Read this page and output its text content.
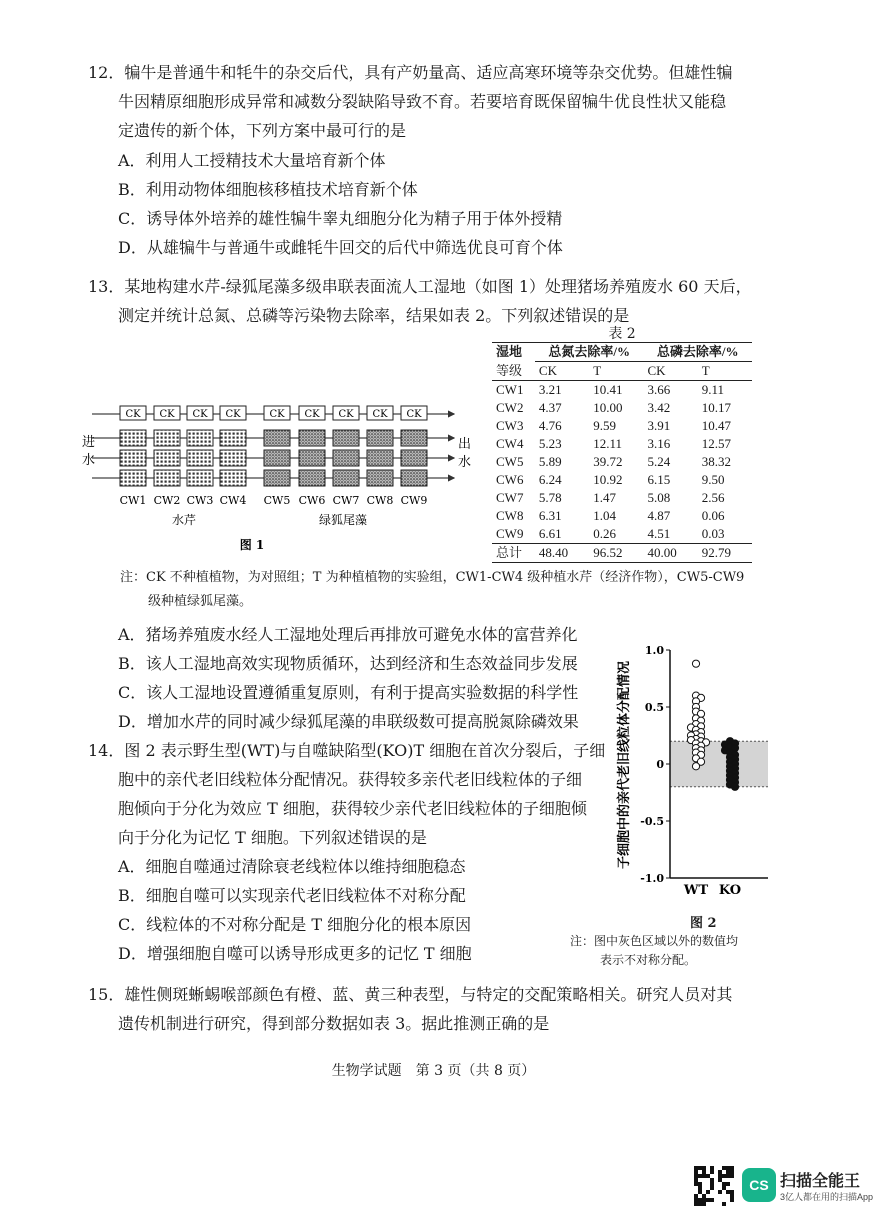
12．犏牛是普通牛和牦牛的杂交后代，具有产奶量高、适应高寒环境等杂交优势。但雄性犏
牛因精原细胞形成异常和减数分裂缺陷导致不育。若要培育既保留犏牛优良性状又能稳
定遗传的新个体，下列方案中最可行的是
A．利用人工授精技术大量培育新个体
B．利用动物体细胞核移植技术培育新个体
C．诱导体外培养的雄性犏牛睾丸细胞分化为精子用于体外授精
D．从雄犏牛与普通牛或雌牦牛回交的后代中筛选优良可育个体
13．某地构建水芹-绿狐尾藻多级串联表面流人工湿地（如图 1）处理猪场养殖废水 60 天后，
测定并统计总氮、总磷等污染物去除率，结果如表 2。下列叙述错误的是
表 2
湿地	总氮去除率/%		总磷去除率/%	
等级	CK	T	CK	T
CW1	3.21	10.41	3.66	9.11
CW2	4.37	10.00	3.42	10.17
CW3	4.76	9.59	3.91	10.47
CW4	5.23	12.11	3.16	12.57
CW5	5.89	39.72	5.24	38.32
CW6	6.24	10.92	6.15	9.50
CW7	5.78	1.47	5.08	2.56
CW8	6.31	1.04	4.87	0.06
CW9	6.61	0.26	4.51	0.03
总计	48.40	96.52	40.00	92.79
CK
CW1
CK
CW2
CK
CW3
CK
CW4
CK
CW5
CK
CW6
CK
CW7
CK
CW8
CK
CW9
进
水
出
水
水芹	绿狐尾藻
图 1
注：CK 不种植植物，为对照组；T 为种植植物的实验组，CW1-CW4 级种植水芹（经济作物），CW5-CW9
级种植绿狐尾藻。
A．猪场养殖废水经人工湿地处理后再排放可避免水体的富营养化
B．该人工湿地高效实现物质循环，达到经济和生态效益同步发展
C．该人工湿地设置遵循重复原则，有利于提高实验数据的科学性
D．增加水芹的同时减少绿狐尾藻的串联级数可提高脱氮除磷效果
14．图 2 表示野生型(WT)与自噬缺陷型(KO)T 细胞在首次分裂后，子细
胞中的亲代老旧线粒体分配情况。获得较多亲代老旧线粒体的子细
胞倾向于分化为效应 T 细胞，获得较少亲代老旧线粒体的子细胞倾
向于分化为记忆 T 细胞。下列叙述错误的是
A．细胞自噬通过清除衰老线粒体以维持细胞稳态
B．细胞自噬可以实现亲代老旧线粒体不对称分配
C．线粒体的不对称分配是 T 细胞分化的根本原因
D．增强细胞自噬可以诱导形成更多的记忆 T 细胞
子细胞中的亲代老旧线粒体分配情况
1.0
0.5
0
-0.5
-1.0
WT KO
图 2
注：图中灰色区域以外的数值均
表示不对称分配。
15．雄性侧斑蜥蜴喉部颜色有橙、蓝、黄三种表型，与特定的交配策略相关。研究人员对其
遗传机制进行研究，得到部分数据如表 3。据此推测正确的是
生物学试题　第 3 页（共 8 页）
CS 扫描全能王
3亿人都在用的扫描App
